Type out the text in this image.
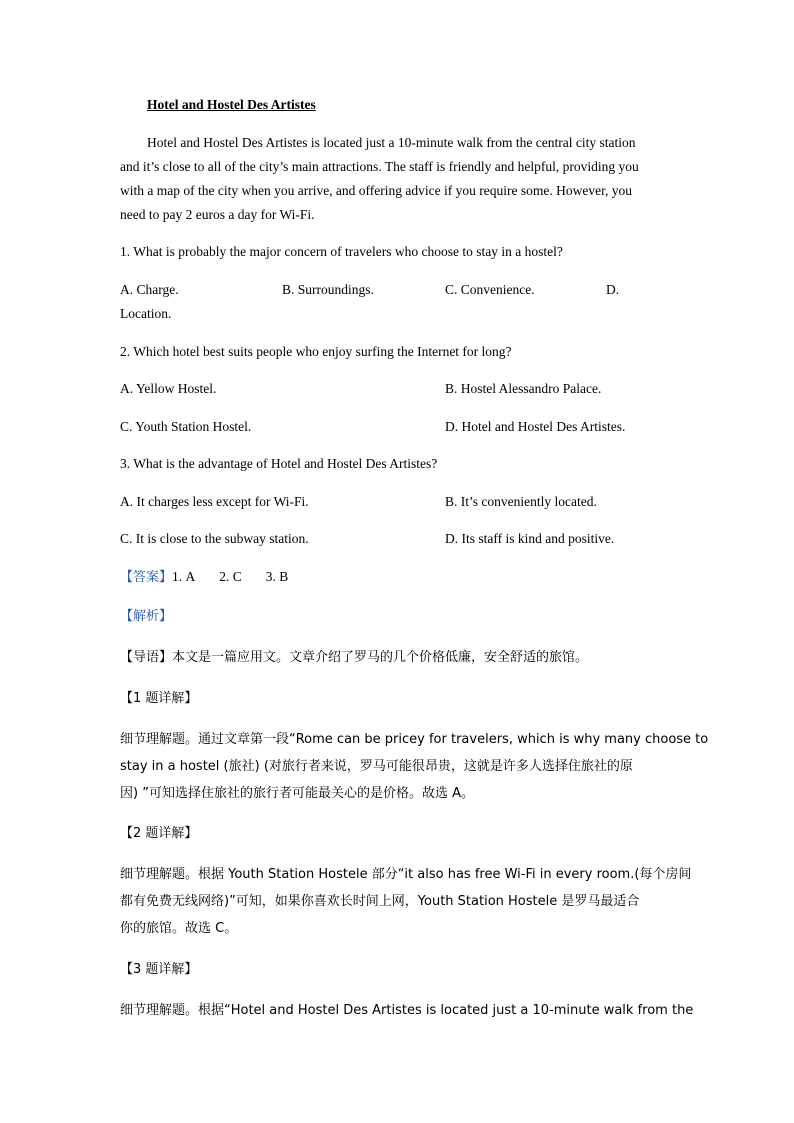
Hotel and Hostel Des Artistes
Hotel and Hostel Des Artistes is located just a 10-minute walk from the central city station
and it’s close to all of the city’s main attractions. The staff is friendly and helpful, providing you
with a map of the city when you arrive, and offering advice if you require some. However, you
need to pay 2 euros a day for Wi-Fi.
1. What is probably the major concern of travelers who choose to stay in a hostel?
A. Charge.	B. Surroundings.	C. Convenience.	D.
Location.
2. Which hotel best suits people who enjoy surfing the Internet for long?
A. Yellow Hostel.	B. Hostel Alessandro Palace.
C. Youth Station Hostel.	D. Hotel and Hostel Des Artistes.
3. What is the advantage of Hotel and Hostel Des Artistes?
A. It charges less except for Wi-Fi.	B. It’s conveniently located.
C. It is close to the subway station.	D. Its staff is kind and positive.
【答案】1. A 2. C 3. B
【解析】
【导语】本文是一篇应用文。文章介绍了罗马的几个价格低廉，安全舒适的旅馆。
【1 题详解】
细节理解题。通过文章第一段“Rome can be pricey for travelers, which is why many choose to
stay in a hostel (旅社) (对旅行者来说，罗马可能很昂贵，这就是许多人选择住旅社的原
因) ”可知选择住旅社的旅行者可能最关心的是价格。故选 A。
【2 题详解】
细节理解题。根据 Youth Station Hostele 部分“it also has free Wi-Fi in every room.(每个房间
都有免费无线网络)”可知，如果你喜欢长时间上网，Youth Station Hostele 是罗马最适合
你的旅馆。故选 C。
【3 题详解】
细节理解题。根据“Hotel and Hostel Des Artistes is located just a 10-minute walk from the
